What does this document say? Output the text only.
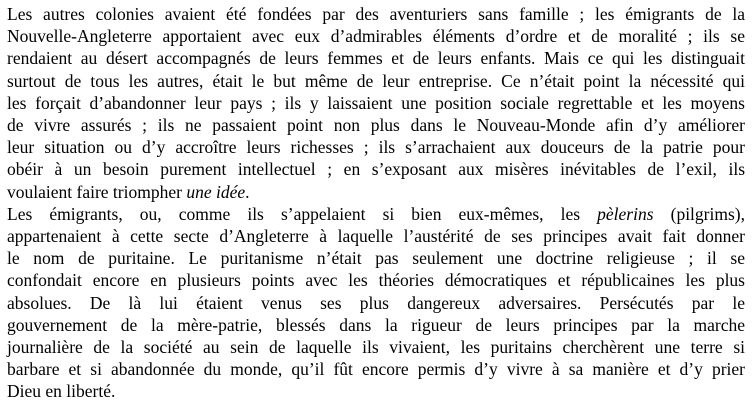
Les autres colonies avaient été fondées par des aventuriers sans famille ; les émigrants de la
Nouvelle-Angleterre apportaient avec eux d’admirables éléments d’ordre et de moralité ; ils se
rendaient au désert accompagnés de leurs femmes et de leurs enfants. Mais ce qui les distinguait
surtout de tous les autres, était le but même de leur entreprise. Ce n’était point la nécessité qui
les forçait d’abandonner leur pays ; ils y laissaient une position sociale regrettable et les moyens
de vivre assurés ; ils ne passaient point non plus dans le Nouveau-Monde afin d’y améliorer
leur situation ou d’y accroître leurs richesses ; ils s’arrachaient aux douceurs de la patrie pour
obéir à un besoin purement intellectuel ; en s’exposant aux misères inévitables de l’exil, ils
voulaient faire triompher une idée.
Les émigrants, ou, comme ils s’appelaient si bien eux-mêmes, les pèlerins (pilgrims),
appartenaient à cette secte d’Angleterre à laquelle l’austérité de ses principes avait fait donner
le nom de puritaine. Le puritanisme n’était pas seulement une doctrine religieuse ; il se
confondait encore en plusieurs points avec les théories démocratiques et républicaines les plus
absolues. De là lui étaient venus ses plus dangereux adversaires. Persécutés par le
gouvernement de la mère-patrie, blessés dans la rigueur de leurs principes par la marche
journalière de la société au sein de laquelle ils vivaient, les puritains cherchèrent une terre si
barbare et si abandonnée du monde, qu’il fût encore permis d’y vivre à sa manière et d’y prier
Dieu en liberté.
